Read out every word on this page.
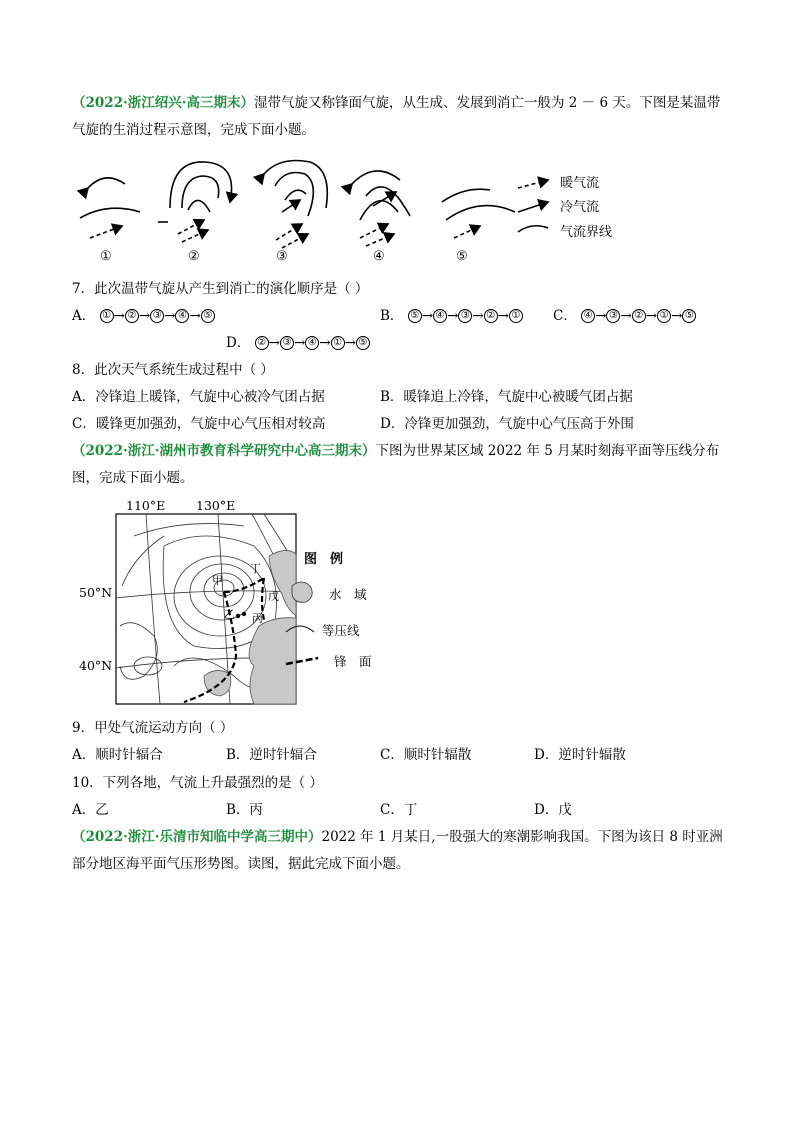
（2022·浙江绍兴·高三期末）湿带气旋又称锋面气旋，从生成、发展到消亡一般为 2 － 6 天。下图是某温带
气旋的生消过程示意图，完成下面小题。
①	②	③	④	⑤
暖气流
冷气流
气流界线
7．此次温带气旋从产生到消亡的演化顺序是（ ）
A． ① → ② → ③ → ④ → ⑤	B． ⑤ → ④ → ③ → ② → ① C． ④ → ③ → ② → ① → ⑤
D． ② → ③ → ④ → ① → ⑤
8．此次天气系统生成过程中（ ）
A．冷锋追上暖锋，气旋中心被冷气团占据	B．暖锋追上冷锋，气旋中心被暖气团占据
C．暖锋更加强劲，气旋中心气压相对较高	D．冷锋更加强劲，气旋中心气压高于外围
（2022·浙江·湖州市教育科学研究中心高三期末）下图为世界某区域 2022 年 5 月某时刻海平面等压线分布
图，完成下面小题。
110°E 130°E
50°N
40°N
甲
乙 丙
丁
戊
图　例
水　域
等压线
锋　面
9．甲处气流运动方向（ ）
A．顺时针辐合	B．逆时针辐合	C．顺时针辐散	D．逆时针辐散
10．下列各地，气流上升最强烈的是（ ）
A．乙	B．丙	C．丁	D．戊
（2022·浙江·乐清市知临中学高三期中）2022 年 1 月某日,一股强大的寒潮影响我国。下图为该日 8 时亚洲
部分地区海平面气压形势图。读图，据此完成下面小题。
